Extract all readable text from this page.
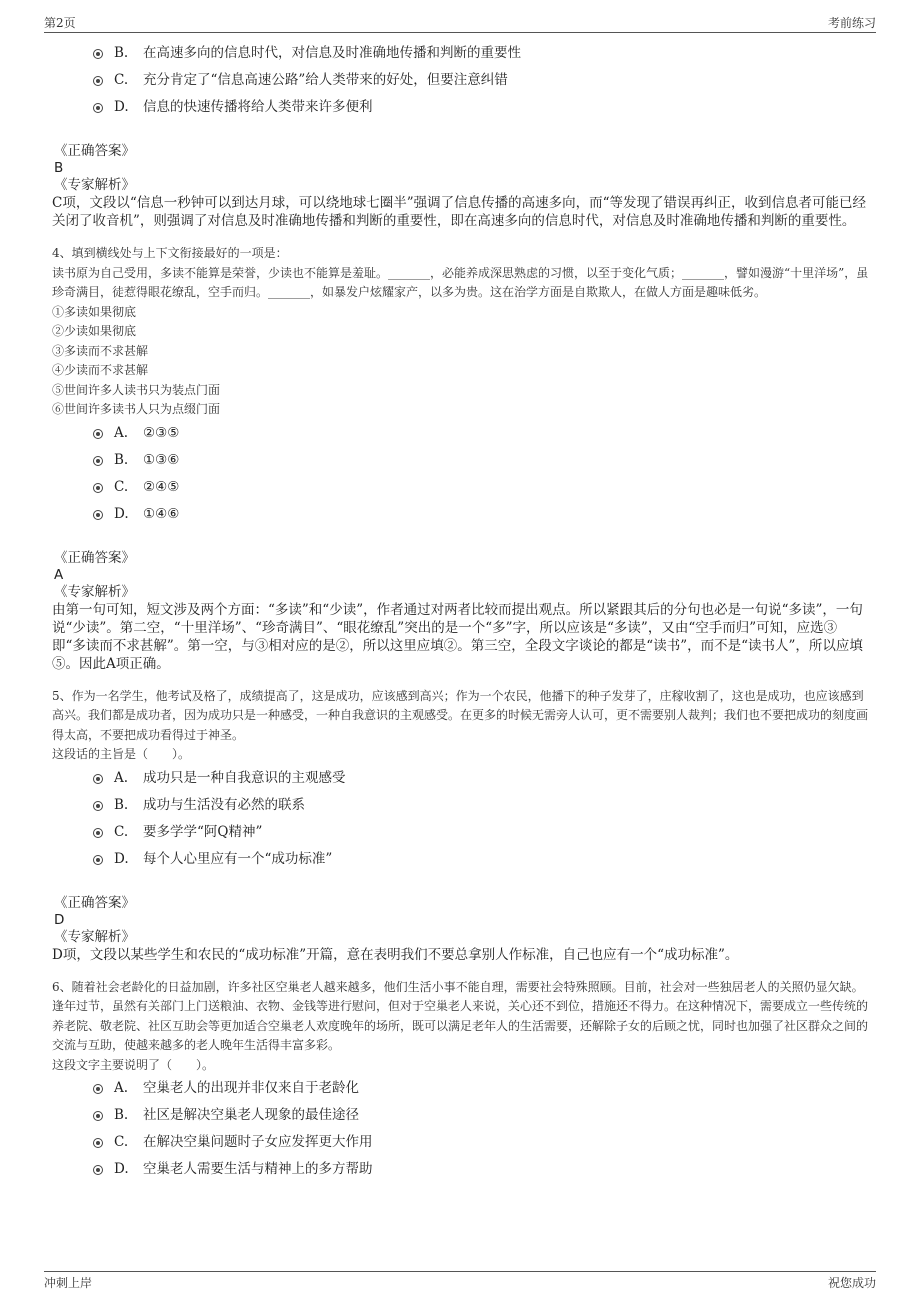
第2页	考前练习
B. 在高速多向的信息时代，对信息及时准确地传播和判断的重要性
C. 充分肯定了“信息高速公路”给人类带来的好处，但要注意纠错
D. 信息的快速传播将给人类带来许多便利
《正确答案》
B
《专家解析》
C项，文段以“信息一秒钟可以到达月球，可以绕地球七圈半”强调了信息传播的高速多向，而“等发现了错误再纠正，收到信息者可能已经关闭了收音机”，则强调了对信息及时准确地传播和判断的重要性，即在高速多向的信息时代，对信息及时准确地传播和判断的重要性。
4、填到横线处与上下文衔接最好的一项是：
读书原为自己受用，多读不能算是荣誉，少读也不能算是羞耻。_______，必能养成深思熟虑的习惯，以至于变化气质；_______，譬如漫游“十里洋场”，虽珍奇满目，徒惹得眼花缭乱，空手而归。_______，如暴发户炫耀家产，以多为贵。这在治学方面是自欺欺人，在做人方面是趣味低劣。
①多读如果彻底
②少读如果彻底
③多读而不求甚解
④少读而不求甚解
⑤世间许多人读书只为装点门面
⑥世间许多读书人只为点缀门面
A. ②③⑤
B. ①③⑥
C. ②④⑤
D. ①④⑥
《正确答案》
A
《专家解析》
由第一句可知，短文涉及两个方面：“多读”和“少读”，作者通过对两者比较而提出观点。所以紧跟其后的分句也必是一句说“多读”，一句说“少读”。第二空，“十里洋场”、“珍奇满目”、“眼花缭乱”突出的是一个“多”字，所以应该是“多读”，又由“空手而归”可知，应选③即“多读而不求甚解”。第一空，与③相对应的是②，所以这里应填②。第三空，全段文字谈论的都是“读书”，而不是“读书人”，所以应填⑤。因此A项正确。
5、作为一名学生，他考试及格了，成绩提高了，这是成功，应该感到高兴；作为一个农民，他播下的种子发芽了，庄稼收割了，这也是成功，也应该感到高兴。我们都是成功者，因为成功只是一种感受，一种自我意识的主观感受。在更多的时候无需旁人认可，更不需要别人裁判；我们也不要把成功的刻度画得太高，不要把成功看得过于神圣。
这段话的主旨是（　　）。
A. 成功只是一种自我意识的主观感受
B. 成功与生活没有必然的联系
C. 要多学学“阿Q精神”
D. 每个人心里应有一个“成功标准”
《正确答案》
D
《专家解析》
D项，文段以某些学生和农民的“成功标准”开篇，意在表明我们不要总拿别人作标准，自己也应有一个“成功标准”。
6、随着社会老龄化的日益加剧，许多社区空巢老人越来越多，他们生活小事不能自理，需要社会特殊照顾。目前，社会对一些独居老人的关照仍显欠缺。逢年过节，虽然有关部门上门送粮油、衣物、金钱等进行慰问，但对于空巢老人来说，关心还不到位，措施还不得力。在这种情况下，需要成立一些传统的养老院、敬老院、社区互助会等更加适合空巢老人欢度晚年的场所，既可以满足老年人的生活需要，还解除子女的后顾之忧，同时也加强了社区群众之间的交流与互助，使越来越多的老人晚年生活得丰富多彩。
这段文字主要说明了（　　）。
A. 空巢老人的出现并非仅来自于老龄化
B. 社区是解决空巢老人现象的最佳途径
C. 在解决空巢问题时子女应发挥更大作用
D. 空巢老人需要生活与精神上的多方帮助
冲刺上岸	祝您成功
